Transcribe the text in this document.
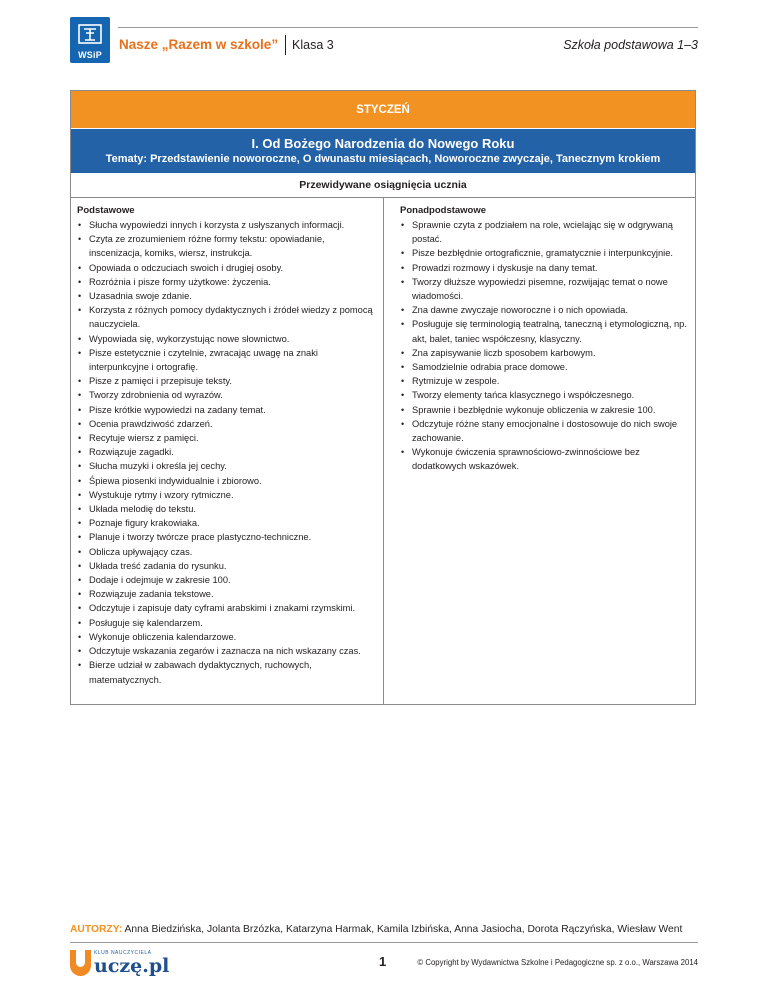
WSiP
Nasze „Razem w szkole” Klasa 3	Szkoła podstawowa 1–3
STYCZEŃ
I. Od Bożego Narodzenia do Nowego Roku
Tematy: Przedstawienie noworoczne, O dwunastu miesiącach, Noworoczne zwyczaje, Tanecznym krokiem
Przewidywane osiągnięcia ucznia
Podstawowe
• Słucha wypowiedzi innych i korzysta z usłyszanych informacji.
• Czyta ze zrozumieniem różne formy tekstu: opowiadanie, inscenizacja, komiks, wiersz, instrukcja.
• Opowiada o odczuciach swoich i drugiej osoby.
• Rozróżnia i pisze formy użytkowe: życzenia.
• Uzasadnia swoje zdanie.
• Korzysta z różnych pomocy dydaktycznych i źródeł wiedzy z pomocą nauczyciela.
• Wypowiada się, wykorzystując nowe słownictwo.
• Pisze estetycznie i czytelnie, zwracając uwagę na znaki interpunkcyjne i ortografię.
• Pisze z pamięci i przepisuje teksty.
• Tworzy zdrobnienia od wyrazów.
• Pisze krótkie wypowiedzi na zadany temat.
• Ocenia prawdziwość zdarzeń.
• Recytuje wiersz z pamięci.
• Rozwiązuje zagadki.
• Słucha muzyki i określa jej cechy.
• Śpiewa piosenki indywidualnie i zbiorowo.
• Wystukuje rytmy i wzory rytmiczne.
• Układa melodię do tekstu.
• Poznaje figury krakowiaka.
• Planuje i tworzy twórcze prace plastyczno-techniczne.
• Oblicza upływający czas.
• Układa treść zadania do rysunku.
• Dodaje i odejmuje w zakresie 100.
• Rozwiązuje zadania tekstowe.
• Odczytuje i zapisuje daty cyframi arabskimi i znakami rzymskimi.
• Posługuje się kalendarzem.
• Wykonuje obliczenia kalendarzowe.
• Odczytuje wskazania zegarów i zaznacza na nich wskazany czas.
• Bierze udział w zabawach dydaktycznych, ruchowych, matematycznych.
Ponadpodstawowe
• Sprawnie czyta z podziałem na role, wcielając się w odgrywaną postać.
• Pisze bezbłędnie ortograficznie, gramatycznie i interpunkcyjnie.
• Prowadzi rozmowy i dyskusje na dany temat.
• Tworzy dłuższe wypowiedzi pisemne, rozwijając temat o nowe wiadomości.
• Zna dawne zwyczaje noworoczne i o nich opowiada.
• Posługuje się terminologią teatralną, taneczną i etymologiczną, np. akt, balet, taniec współczesny, klasyczny.
• Zna zapisywanie liczb sposobem karbowym.
• Samodzielnie odrabia prace domowe.
• Rytmizuje w zespole.
• Tworzy elementy tańca klasycznego i współczesnego.
• Sprawnie i bezbłędnie wykonuje obliczenia w zakresie 100.
• Odczytuje różne stany emocjonalne i dostosowuje do nich swoje zachowanie.
• Wykonuje ćwiczenia sprawnościowo-zwinnościowe bez dodatkowych wskazówek.
AUTORZY: Anna Biedzińska, Jolanta Brzózka, Katarzyna Harmak, Kamila Izbińska, Anna Jasiocha, Dorota Rączyńska, Wiesław Went
KLUB NAUCZYCIELA
uczę.pl	1	© Copyright by Wydawnictwa Szkolne i Pedagogiczne sp. z o.o., Warszawa 2014
